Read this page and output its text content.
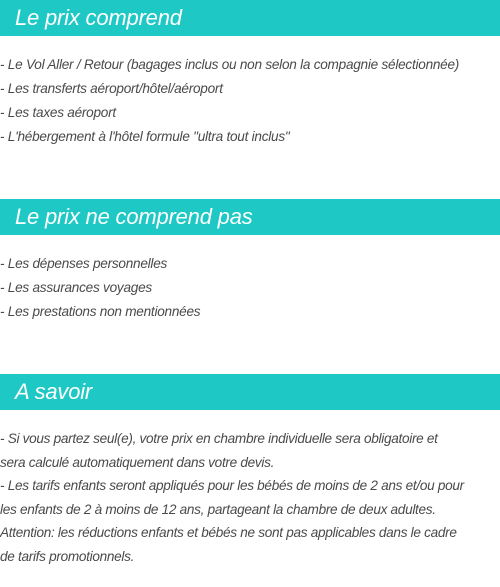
Le prix comprend
- Le Vol Aller / Retour (bagages inclus ou non selon la compagnie sélectionnée)
- Les transferts aéroport/hôtel/aéroport
- Les taxes aéroport
- L'hébergement à l'hôtel formule "ultra tout inclus"
Le prix ne comprend pas
- Les dépenses personnelles
- Les assurances voyages
- Les prestations non mentionnées
A savoir
- Si vous partez seul(e), votre prix en chambre individuelle sera obligatoire et
sera calculé automatiquement dans votre devis.
- Les tarifs enfants seront appliqués pour les bébés de moins de 2 ans et/ou pour
les enfants de 2 à moins de 12 ans, partageant la chambre de deux adultes.
Attention: les réductions enfants et bébés ne sont pas applicables dans le cadre
de tarifs promotionnels.
